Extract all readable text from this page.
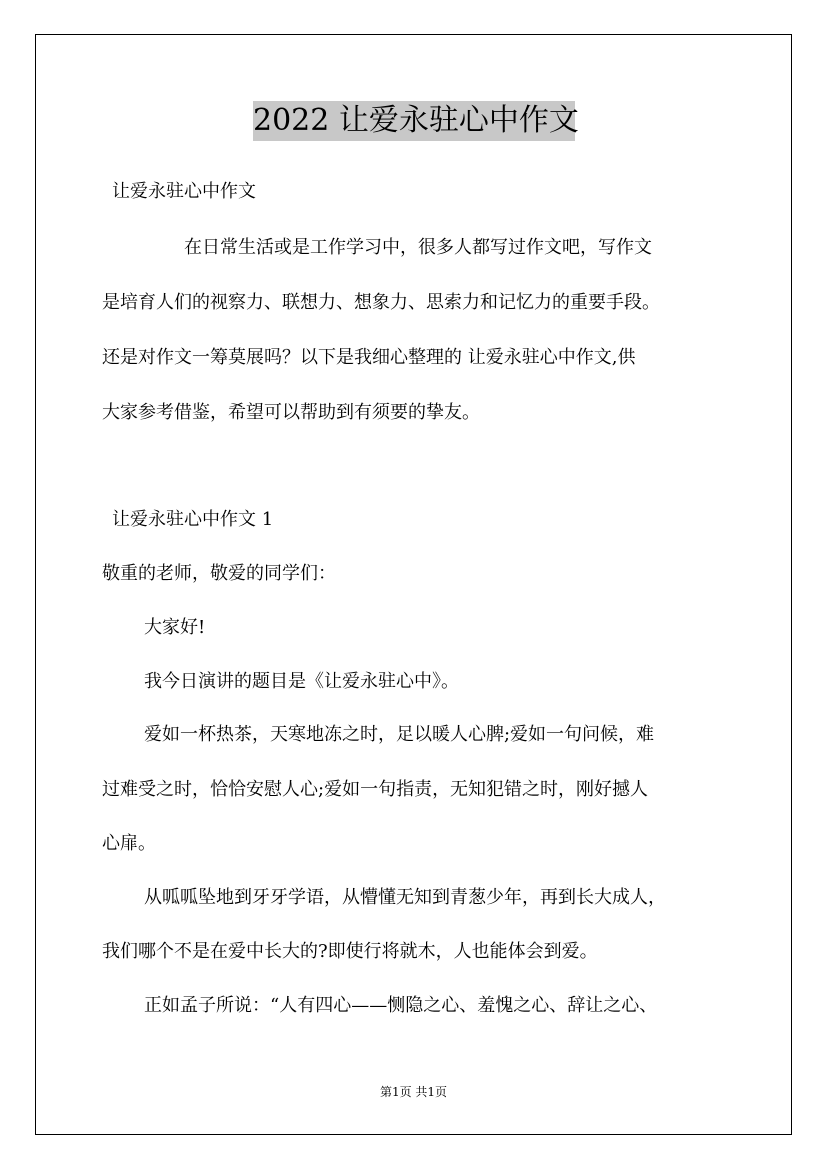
2022 让爱永驻心中作文
让爱永驻心中作文
在日常生活或是工作学习中，很多人都写过作文吧，写作文
是培育人们的视察力、联想力、想象力、思索力和记忆力的重要手段。
还是对作文一筹莫展吗？以下是我细心整理的 让爱永驻心中作文,供
大家参考借鉴，希望可以帮助到有须要的挚友。
让爱永驻心中作文 1
敬重的老师，敬爱的同学们：
大家好!
我今日演讲的题目是《让爱永驻心中》。
爱如一杯热茶，天寒地冻之时，足以暖人心脾;爱如一句问候，难
过难受之时，恰恰安慰人心;爱如一句指责，无知犯错之时，刚好撼人
心扉。
从呱呱坠地到牙牙学语，从懵懂无知到青葱少年，再到长大成人，
我们哪个不是在爱中长大的?即使行将就木，人也能体会到爱。
正如孟子所说：“人有四心——恻隐之心、羞愧之心、辞让之心、
第1页 共1页
